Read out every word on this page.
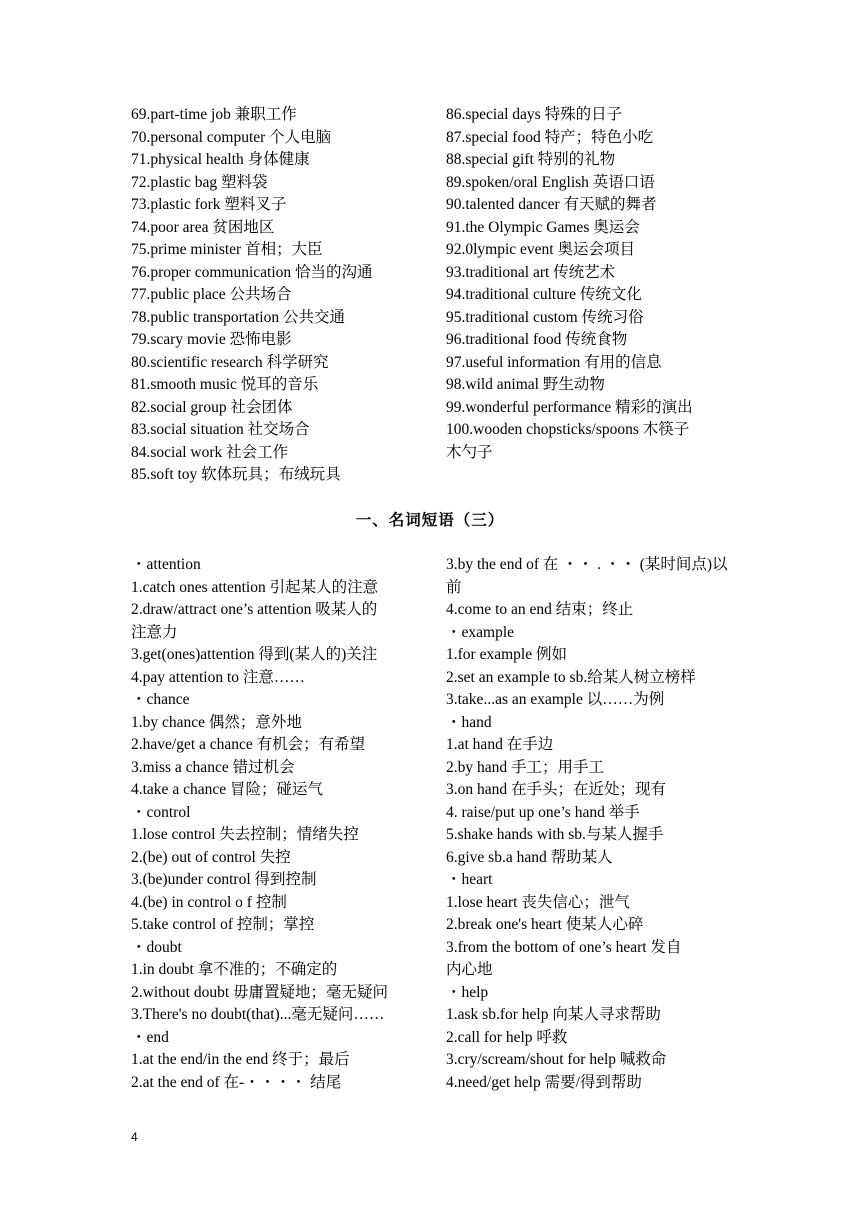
69.part-time job 兼职工作
70.personal computer 个人电脑
71.physical health 身体健康
72.plastic bag 塑料袋
73.plastic fork 塑料叉子
74.poor area 贫困地区
75.prime minister 首相；大臣
76.proper communication 恰当的沟通
77.public place 公共场合
78.public transportation 公共交通
79.scary movie 恐怖电影
80.scientific research 科学研究
81.smooth music 悦耳的音乐
82.social group 社会团体
83.social situation 社交场合
84.social work 社会工作
85.soft toy 软体玩具；布绒玩具
86.special days 特殊的日子
87.special food 特产；特色小吃
88.special gift 特别的礼物
89.spoken/oral English 英语口语
90.talented dancer 有天赋的舞者
91.the Olympic Games 奥运会
92.0lympic event 奥运会项目
93.traditional art 传统艺术
94.traditional culture 传统文化
95.traditional custom 传统习俗
96.traditional food 传统食物
97.useful information 有用的信息
98.wild animal 野生动物
99.wonderful performance 精彩的演出
100.wooden chopsticks/spoons 木筷子
木勺子
一、名词短语（三）
・attention
1.catch ones attention 引起某人的注意
2.draw/attract one’s attention 吸某人的
注意力
3.get(ones)attention 得到(某人的)关注
4.pay attention to 注意……
・chance
1.by chance 偶然；意外地
2.have/get a chance 有机会；有希望
3.miss a chance 错过机会
4.take a chance 冒险；碰运气
・control
1.lose control 失去控制；情绪失控
2.(be) out of control 失控
3.(be)under control 得到控制
4.(be) in control o f 控制
5.take control of 控制；掌控
・doubt
1.in doubt 拿不准的；不确定的
2.without doubt 毋庸置疑地；毫无疑问
3.There's no doubt(that)...毫无疑问……
・end
1.at the end/in the end 终于；最后
2.at the end of 在-・・・・ 结尾
3.by the end of 在 ・・ . ・・ (某时间点)以
前
4.come to an end 结束；终止
・example
1.for example 例如
2.set an example to sb.给某人树立榜样
3.take...as an example 以……为例
・hand
1.at hand 在手边
2.by hand 手工；用手工
3.on hand 在手头；在近处；现有
4. raise/put up one’s hand 举手
5.shake hands with sb.与某人握手
6.give sb.a hand 帮助某人
・heart
1.lose heart 丧失信心；泄气
2.break one's heart 使某人心碎
3.from the bottom of one’s heart 发自
内心地
・help
1.ask sb.for help 向某人寻求帮助
2.call for help 呼救
3.cry/scream/shout for help 喊救命
4.need/get help 需要/得到帮助
4
